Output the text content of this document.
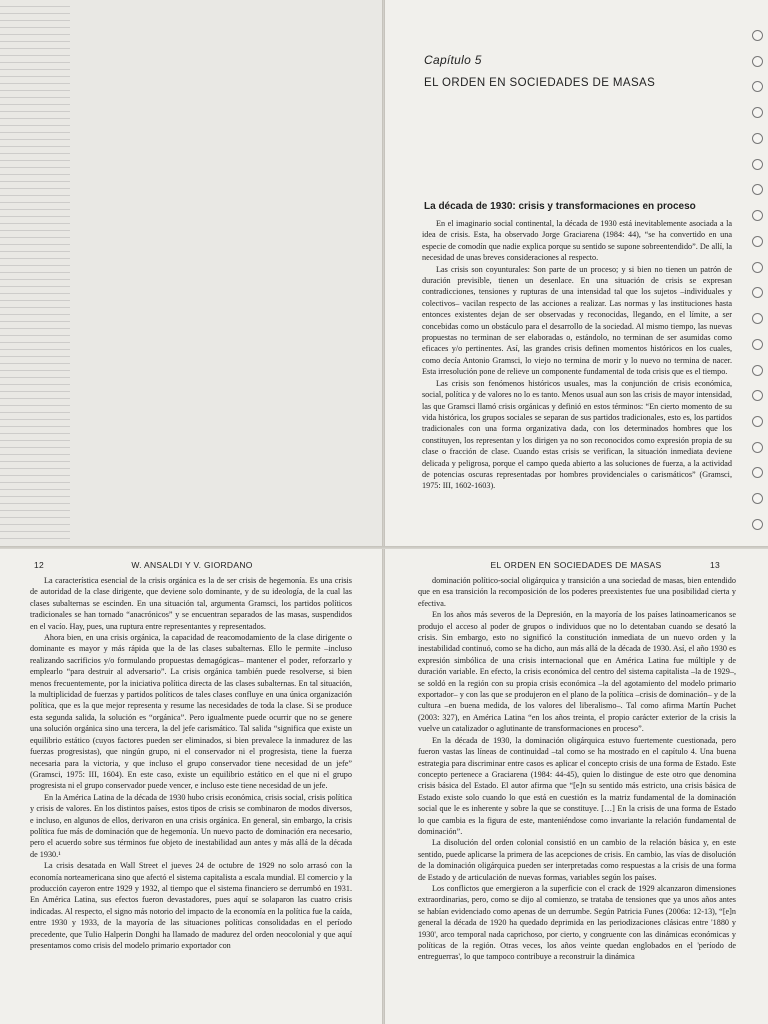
Capítulo 5
EL ORDEN EN SOCIEDADES DE MASAS
La década de 1930: crisis y transformaciones en proceso

En el imaginario social continental, la década de 1930 está inevitablemente asociada a la idea de crisis. Esta, ha observado Jorge Graciarena (1984: 44), “se ha convertido en una especie de comodín que nadie explica porque su sentido se supone sobreentendido”. De allí, la necesidad de unas breves consideraciones al respecto.

Las crisis son coyunturales: Son parte de un proceso; y si bien no tienen un patrón de duración previsible, tienen un desenlace. En una situación de crisis se expresan contradicciones, tensiones y rupturas de una intensidad tal que los sujetos –individuales y colectivos– vacilan respecto de las acciones a realizar. Las normas y las instituciones hasta entonces existentes dejan de ser observadas y reconocidas, llegando, en el límite, a ser concebidas como un obstáculo para el desarrollo de la sociedad. Al mismo tiempo, las nuevas propuestas no terminan de ser elaboradas o, estándolo, no terminan de ser asumidas como eficaces y/o pertinentes. Así, las grandes crisis definen momentos históricos en los cuales, como decía Antonio Gramsci, lo viejo no termina de morir y lo nuevo no termina de nacer. Esta irresolución pone de relieve un componente fundamental de toda crisis que es el tiempo.

Las crisis son fenómenos históricos usuales, mas la conjunción de crisis económica, social, política y de valores no lo es tanto. Menos usual aun son las crisis de mayor intensidad, las que Gramsci llamó crisis orgánicas y definió en estos términos: “En cierto momento de su vida histórica, los grupos sociales se separan de sus partidos tradicionales, esto es, los partidos tradicionales con una forma organizativa dada, con los determinados hombres que los constituyen, los representan y los dirigen ya no son reconocidos como expresión propia de su clase o fracción de clase. Cuando estas crisis se verifican, la situación inmediata deviene delicada y peligrosa, porque el campo queda abierto a las soluciones de fuerza, a la actividad de potencias oscuras representadas por hombres providenciales o carismáticos” (Gramsci, 1975: III, 1602-1603).

12	W. ANSALDI Y V. GIORDANO

La característica esencial de la crisis orgánica es la de ser crisis de hegemonía. Es una crisis de autoridad de la clase dirigente, que deviene solo dominante, y de su ideología, de la cual las clases subalternas se escinden. En una situación tal, argumenta Gramsci, los partidos políticos tradicionales se han tornado “anacrónicos” y se encuentran separados de las masas, suspendidos en el vacío. Hay, pues, una ruptura entre representantes y representados.

Ahora bien, en una crisis orgánica, la capacidad de reacomodamiento de la clase dirigente o dominante es mayor y más rápida que la de las clases subalternas. Ello le permite –incluso realizando sacrificios y/o formulando propuestas demagógicas– mantener el poder, reforzarlo y emplearlo “para destruir al adversario”. La crisis orgánica también puede resolverse, si bien menos frecuentemente, por la iniciativa política directa de las clases subalternas. En tal situación, la multiplicidad de fuerzas y partidos políticos de tales clases confluye en una única organización política, que es la que mejor representa y resume las necesidades de toda la clase. Si se produce esta segunda salida, la solución es “orgánica”. Pero igualmente puede ocurrir que no se genere una solución orgánica sino una tercera, la del jefe carismático. Tal salida “significa que existe un equilibrio estático (cuyos factores pueden ser eliminados, si bien prevalece la inmadurez de las fuerzas progresistas), que ningún grupo, ni el conservador ni el progresista, tiene la fuerza necesaria para la victoria, y que incluso el grupo conservador tiene necesidad de un jefe” (Gramsci, 1975: III, 1604). En este caso, existe un equilibrio estático en el que ni el grupo progresista ni el grupo conservador puede vencer, e incluso este tiene necesidad de un jefe.

En la América Latina de la década de 1930 hubo crisis económica, crisis social, crisis política y crisis de valores. En los distintos países, estos tipos de crisis se combinaron de modos diversos, e incluso, en algunos de ellos, derivaron en una crisis orgánica. En general, sin embargo, la crisis política fue más de dominación que de hegemonía. Un nuevo pacto de dominación era necesario, pero el acuerdo sobre sus términos fue objeto de inestabilidad aun antes y más allá de la década de 1930.¹

La crisis desatada en Wall Street el jueves 24 de octubre de 1929 no solo arrasó con la economía norteamericana sino que afectó el sistema capitalista a escala mundial. El comercio y la producción cayeron entre 1929 y 1932, al tiempo que el sistema financiero se derrumbó en 1931. En América Latina, sus efectos fueron devastadores, pues aquí se solaparon las cuatro crisis indicadas. Al respecto, el signo más notorio del impacto de la economía en la política fue la caída, entre 1930 y 1933, de la mayoría de las situaciones políticas consolidadas en el período precedente, que Tulio Halperin Donghi ha llamado de madurez del orden neocolonial y que aquí presentamos como crisis del modelo primario exportador con

EL ORDEN EN SOCIEDADES DE MASAS	13

dominación político-social oligárquica y transición a una sociedad de masas, bien entendido que en esa transición la recomposición de los poderes preexistentes fue una posibilidad cierta y efectiva.

En los años más severos de la Depresión, en la mayoría de los países latinoamericanos se produjo el acceso al poder de grupos o individuos que no lo detentaban cuando se desató la crisis. Sin embargo, esto no significó la constitución inmediata de un nuevo orden y la inestabilidad continuó, como se ha dicho, aun más allá de la década de 1930. Así, el año 1930 es expresión simbólica de una crisis internacional que en América Latina fue múltiple y de duración variable. En efecto, la crisis económica del centro del sistema capitalista –la de 1929–, se soldó en la región con su propia crisis económica –la del agotamiento del modelo primario exportador– y con las que se produjeron en el plano de la política –crisis de dominación– y de la cultura –en buena medida, de los valores del liberalismo–. Tal como afirma Martín Puchet (2003: 327), en América Latina “en los años treinta, el propio carácter exterior de la crisis la vuelve un catalizador o aglutinante de transformaciones en proceso”.

En la década de 1930, la dominación oligárquica estuvo fuertemente cuestionada, pero fueron vastas las líneas de continuidad –tal como se ha mostrado en el capítulo 4. Una buena estrategia para discriminar entre casos es aplicar el concepto crisis de una forma de Estado. Este concepto pertenece a Graciarena (1984: 44-45), quien lo distingue de este otro que denomina crisis básica del Estado. El autor afirma que “[e]n su sentido más estricto, una crisis básica de Estado existe solo cuando lo que está en cuestión es la matriz fundamental de la dominación social que le es inherente y sobre la que se constituye. […] En la crisis de una forma de Estado lo que cambia es la figura de este, manteniéndose como invariante la relación fundamental de dominación”.

La disolución del orden colonial consistió en un cambio de la relación básica y, en este sentido, puede aplicarse la primera de las acepciones de crisis. En cambio, las vías de disolución de la dominación oligárquica pueden ser interpretadas como respuestas a la crisis de una forma de Estado y de articulación de nuevas formas, variables según los países.

Los conflictos que emergieron a la superficie con el crack de 1929 alcanzaron dimensiones extraordinarias, pero, como se dijo al comienzo, se trataba de tensiones que ya unos años antes se habían evidenciado como apenas de un derrumbe. Según Patricia Funes (2006a: 12-13), “[e]n general la década de 1920 ha quedado deprimida en las periodizaciones clásicas entre '1880 y 1930', arco temporal nada caprichoso, por cierto, y congruente con las dinámicas económicas y políticas de la región. Otras veces, los años veinte quedan englobados en el 'período de entreguerras', lo que tampoco contribuye a reconstruir la dinámica
